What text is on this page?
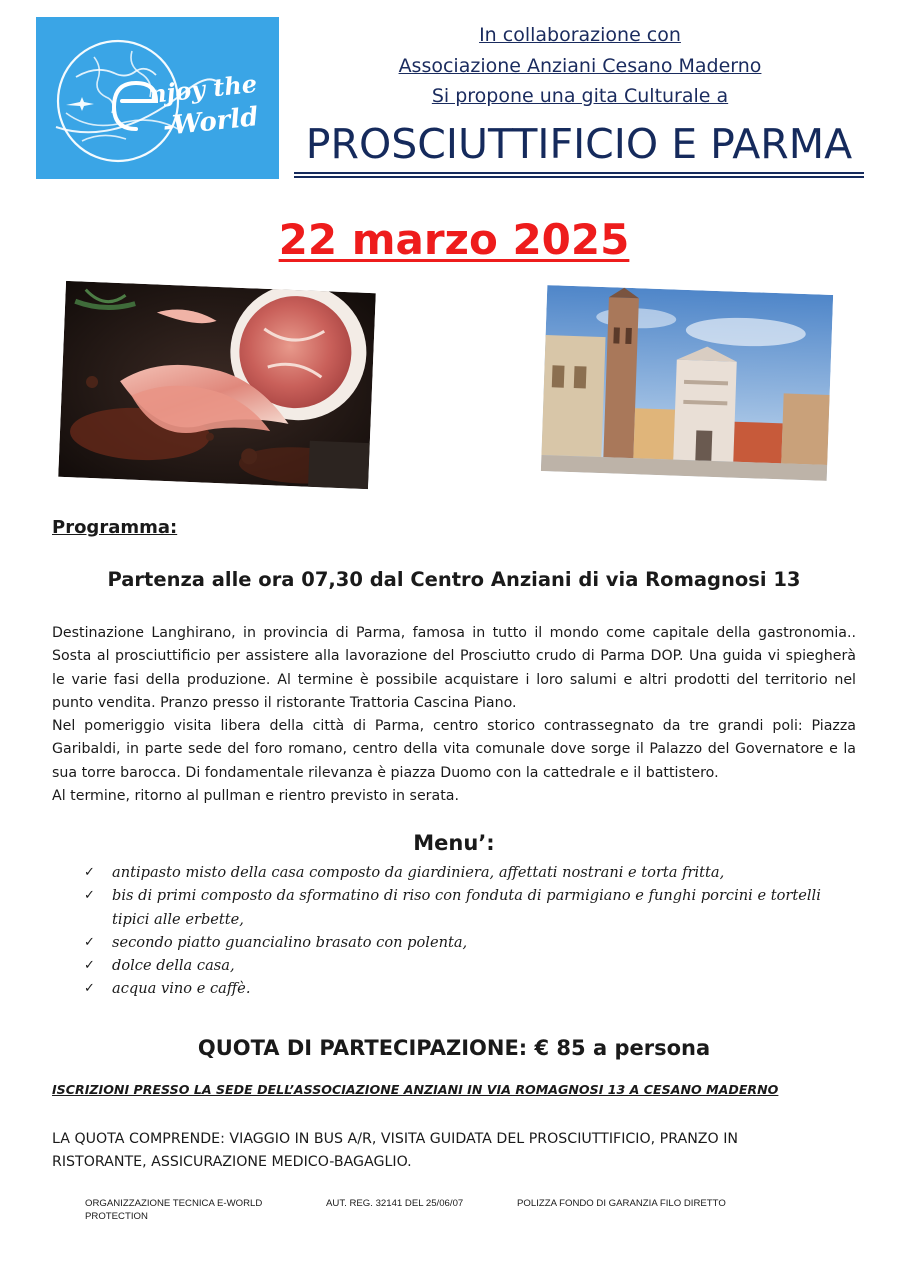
njoy the
-World
In collaborazione con
Associazione Anziani Cesano Maderno
Si propone una gita Culturale a
PROSCIUTTIFICIO E PARMA
22 marzo 2025
Programma:
Partenza alle ora 07,30 dal Centro Anziani di via Romagnosi 13

Destinazione Langhirano, in provincia di Parma, famosa in tutto il mondo come capitale della gastronomia.. Sosta al prosciuttificio per assistere alla lavorazione del Prosciutto crudo di Parma DOP. Una guida vi spiegherà le varie fasi della produzione. Al termine è possibile acquistare i loro salumi e altri prodotti del territorio nel punto vendita. Pranzo presso il ristorante Trattoria Cascina Piano.

Nel pomeriggio visita libera della città di Parma, centro storico contrassegnato da tre grandi poli: Piazza Garibaldi, in parte sede del foro romano, centro della vita comunale dove sorge il Palazzo del Governatore e la sua torre barocca. Di fondamentale rilevanza è piazza Duomo con la cattedrale e il battistero.

Al termine, ritorno al pullman e rientro previsto in serata.

Menu’:
✓ antipasto misto della casa composto da giardiniera, affettati nostrani e torta fritta,
✓ bis di primi composto da sformatino di riso con fonduta di parmigiano e funghi porcini e tortelli tipici alle erbette,
✓ secondo piatto guancialino brasato con polenta,
✓ dolce della casa,
✓ acqua vino e caffè.
QUOTA DI PARTECIPAZIONE: € 85 a persona
ISCRIZIONI PRESSO LA SEDE DELL’ASSOCIAZIONE ANZIANI IN VIA ROMAGNOSI 13 A CESANO MADERNO
LA QUOTA COMPRENDE: VIAGGIO IN BUS A/R, VISITA GUIDATA DEL PROSCIUTTIFICIO, PRANZO IN RISTORANTE, ASSICURAZIONE MEDICO-BAGAGLIO.
ORGANIZZAZIONE TECNICA E-WORLD PROTECTION
AUT. REG. 32141 DEL 25/06/07	POLIZZA FONDO DI GARANZIA FILO DIRETTO
